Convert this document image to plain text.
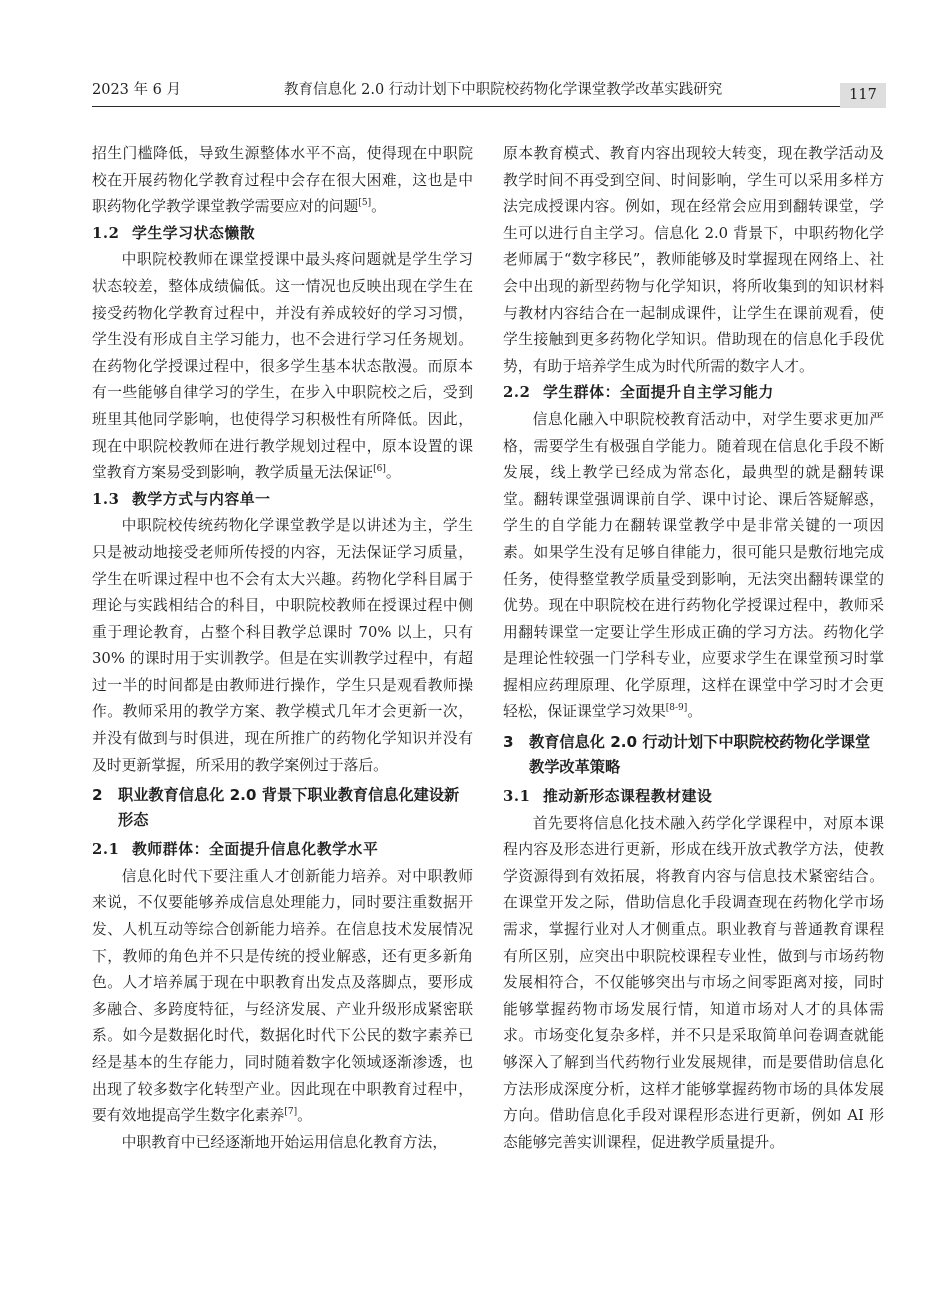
2023 年 6 月	教育信息化 2.0 行动计划下中职院校药物化学课堂教学改革实践研究	117

招生门槛降低，导致生源整体水平不高，使得现在中职院校在开展药物化学教育过程中会存在很大困难，这也是中职药物化学教学课堂教学需要应对的问题[5]。

1.2 学生学习状态懒散

中职院校教师在课堂授课中最头疼问题就是学生学习状态较差，整体成绩偏低。这一情况也反映出现在学生在接受药物化学教育过程中，并没有养成较好的学习习惯，学生没有形成自主学习能力，也不会进行学习任务规划。在药物化学授课过程中，很多学生基本状态散漫。而原本有一些能够自律学习的学生，在步入中职院校之后，受到班里其他同学影响，也使得学习积极性有所降低。因此，现在中职院校教师在进行教学规划过程中，原本设置的课堂教育方案易受到影响，教学质量无法保证[6]。

1.3 教学方式与内容单一

中职院校传统药物化学课堂教学是以讲述为主，学生只是被动地接受老师所传授的内容，无法保证学习质量，学生在听课过程中也不会有太大兴趣。药物化学科目属于理论与实践相结合的科目，中职院校教师在授课过程中侧重于理论教育，占整个科目教学总课时 70% 以上，只有 30% 的课时用于实训教学。但是在实训教学过程中，有超过一半的时间都是由教师进行操作，学生只是观看教师操作。教师采用的教学方案、教学模式几年才会更新一次，并没有做到与时俱进，现在所推广的药物化学知识并没有及时更新掌握，所采用的教学案例过于落后。

2	职业教育信息化 2.0 背景下职业教育信息化建设新形态

2.1 教师群体：全面提升信息化教学水平

信息化时代下要注重人才创新能力培养。对中职教师来说，不仅要能够养成信息处理能力，同时要注重数据开发、人机互动等综合创新能力培养。在信息技术发展情况下，教师的角色并不只是传统的授业解惑，还有更多新角色。人才培养属于现在中职教育出发点及落脚点，要形成多融合、多跨度特征，与经济发展、产业升级形成紧密联系。如今是数据化时代，数据化时代下公民的数字素养已经是基本的生存能力，同时随着数字化领域逐渐渗透，也出现了较多数字化转型产业。因此现在中职教育过程中，要有效地提高学生数字化素养[7]。

中职教育中已经逐渐地开始运用信息化教育方法，

原本教育模式、教育内容出现较大转变，现在教学活动及教学时间不再受到空间、时间影响，学生可以采用多样方法完成授课内容。例如，现在经常会应用到翻转课堂，学生可以进行自主学习。信息化 2.0 背景下，中职药物化学老师属于“数字移民”，教师能够及时掌握现在网络上、社会中出现的新型药物与化学知识，将所收集到的知识材料与教材内容结合在一起制成课件，让学生在课前观看，使学生接触到更多药物化学知识。借助现在的信息化手段优势，有助于培养学生成为时代所需的数字人才。

2.2 学生群体：全面提升自主学习能力

信息化融入中职院校教育活动中，对学生要求更加严格，需要学生有极强自学能力。随着现在信息化手段不断发展，线上教学已经成为常态化，最典型的就是翻转课堂。翻转课堂强调课前自学、课中讨论、课后答疑解惑，学生的自学能力在翻转课堂教学中是非常关键的一项因素。如果学生没有足够自律能力，很可能只是敷衍地完成任务，使得整堂教学质量受到影响，无法突出翻转课堂的优势。现在中职院校在进行药物化学授课过程中，教师采用翻转课堂一定要让学生形成正确的学习方法。药物化学是理论性较强一门学科专业，应要求学生在课堂预习时掌握相应药理原理、化学原理，这样在课堂中学习时才会更轻松，保证课堂学习效果[8-9]。

3	教育信息化 2.0 行动计划下中职院校药物化学课堂教学改革策略

3.1 推动新形态课程教材建设

首先要将信息化技术融入药学化学课程中，对原本课程内容及形态进行更新，形成在线开放式教学方法，使教学资源得到有效拓展，将教育内容与信息技术紧密结合。在课堂开发之际，借助信息化手段调查现在药物化学市场需求，掌握行业对人才侧重点。职业教育与普通教育课程有所区别，应突出中职院校课程专业性，做到与市场药物发展相符合，不仅能够突出与市场之间零距离对接，同时能够掌握药物市场发展行情，知道市场对人才的具体需求。市场变化复杂多样，并不只是采取简单问卷调查就能够深入了解到当代药物行业发展规律，而是要借助信息化方法形成深度分析，这样才能够掌握药物市场的具体发展方向。借助信息化手段对课程形态进行更新，例如 AI 形态能够完善实训课程，促进教学质量提升。
